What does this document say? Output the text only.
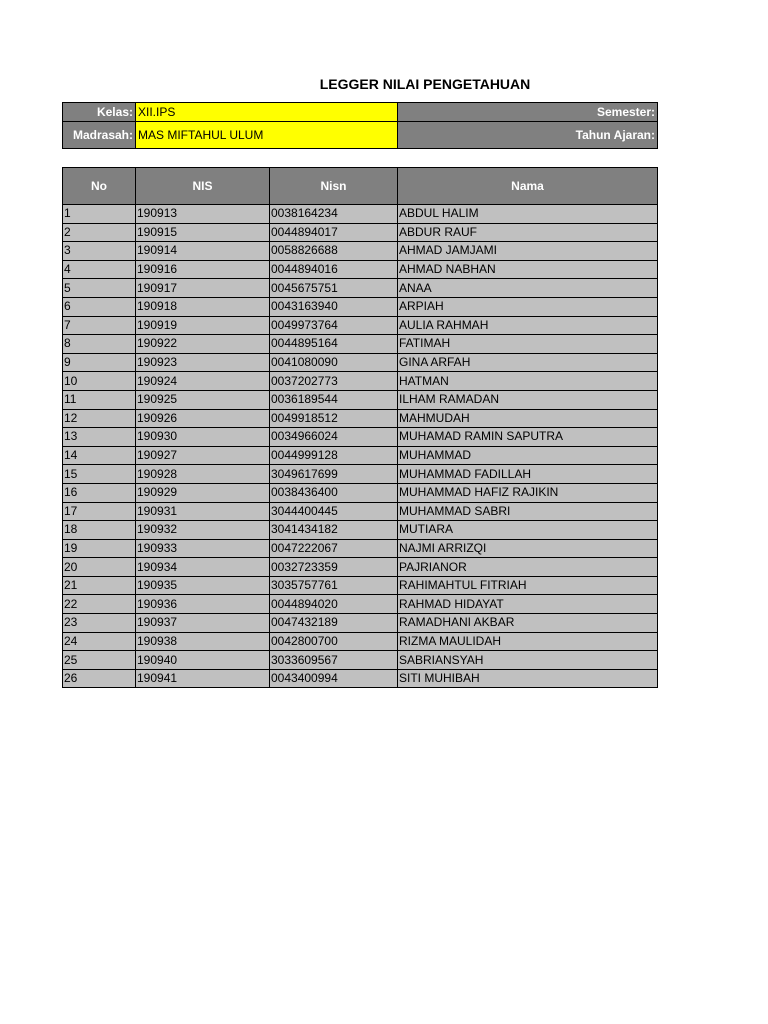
LEGGER NILAI PENGETAHUAN
Kelas:	XII.IPS	Semester:
Madrasah:	MAS MIFTAHUL ULUM	Tahun Ajaran:
No	NIS	Nisn	Nama
1	190913	0038164234	ABDUL HALIM
2	190915	0044894017	ABDUR RAUF
3	190914	0058826688	AHMAD JAMJAMI
4	190916	0044894016	AHMAD NABHAN
5	190917	0045675751	ANAA
6	190918	0043163940	ARPIAH
7	190919	0049973764	AULIA RAHMAH
8	190922	0044895164	FATIMAH
9	190923	0041080090	GINA ARFAH
10	190924	0037202773	HATMAN
11	190925	0036189544	ILHAM RAMADAN
12	190926	0049918512	MAHMUDAH
13	190930	0034966024	MUHAMAD RAMIN SAPUTRA
14	190927	0044999128	MUHAMMAD
15	190928	3049617699	MUHAMMAD FADILLAH
16	190929	0038436400	MUHAMMAD HAFIZ RAJIKIN
17	190931	3044400445	MUHAMMAD SABRI
18	190932	3041434182	MUTIARA
19	190933	0047222067	NAJMI ARRIZQI
20	190934	0032723359	PAJRIANOR
21	190935	3035757761	RAHIMAHTUL FITRIAH
22	190936	0044894020	RAHMAD HIDAYAT
23	190937	0047432189	RAMADHANI AKBAR
24	190938	0042800700	RIZMA MAULIDAH
25	190940	3033609567	SABRIANSYAH
26	190941	0043400994	SITI MUHIBAH
